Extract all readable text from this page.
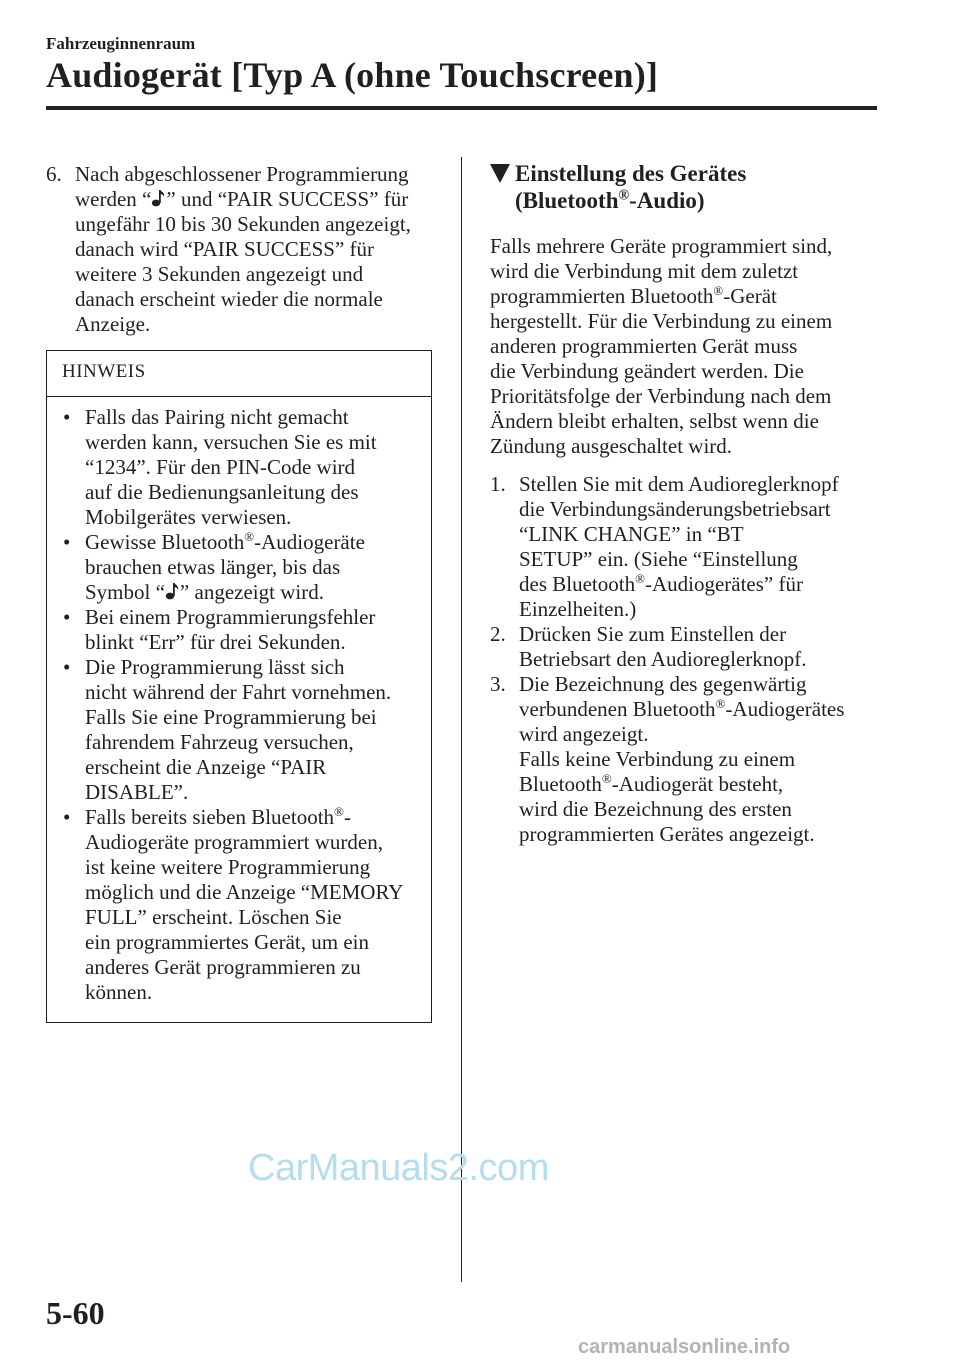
Fahrzeuginnenraum
Audiogerät [Typ A (ohne Touchscreen)]
6. Nach abgeschlossener Programmierung
werden “ ” und “PAIR SUCCESS” für
ungefähr 10 bis 30 Sekunden angezeigt,
danach wird “PAIR SUCCESS” für
weitere 3 Sekunden angezeigt und
danach erscheint wieder die normale
Anzeige.
HINWEIS
• Falls das Pairing nicht gemacht
werden kann, versuchen Sie es mit
“1234”. Für den PIN-Code wird
auf die Bedienungsanleitung des
Mobilgerätes verwiesen.
• Gewisse Bluetooth®-Audiogeräte
brauchen etwas länger, bis das
Symbol “ ” angezeigt wird.
• Bei einem Programmierungsfehler
blinkt “Err” für drei Sekunden.
• Die Programmierung lässt sich
nicht während der Fahrt vornehmen.
Falls Sie eine Programmierung bei
fahrendem Fahrzeug versuchen,
erscheint die Anzeige “PAIR
DISABLE”.
• Falls bereits sieben Bluetooth®-
Audiogeräte programmiert wurden,
ist keine weitere Programmierung
möglich und die Anzeige “MEMORY
FULL” erscheint. Löschen Sie
ein programmiertes Gerät, um ein
anderes Gerät programmieren zu
können.
Einstellung des Gerätes
(Bluetooth®-Audio)
Falls mehrere Geräte programmiert sind,
wird die Verbindung mit dem zuletzt
programmierten Bluetooth®-Gerät
hergestellt. Für die Verbindung zu einem
anderen programmierten Gerät muss
die Verbindung geändert werden. Die
Prioritätsfolge der Verbindung nach dem
Ändern bleibt erhalten, selbst wenn die
Zündung ausgeschaltet wird.
1. Stellen Sie mit dem Audioreglerknopf
die Verbindungsänderungsbetriebsart
“LINK CHANGE” in “BT
SETUP” ein. (Siehe “Einstellung
des Bluetooth®-Audiogerätes” für
Einzelheiten.)
2. Drücken Sie zum Einstellen der
Betriebsart den Audioreglerknopf.
3. Die Bezeichnung des gegenwärtig
verbundenen Bluetooth®-Audiogerätes
wird angezeigt.
Falls keine Verbindung zu einem
Bluetooth®-Audiogerät besteht,
wird die Bezeichnung des ersten
programmierten Gerätes angezeigt.
CarManuals2.com
5-60
carmanualsonline.info
